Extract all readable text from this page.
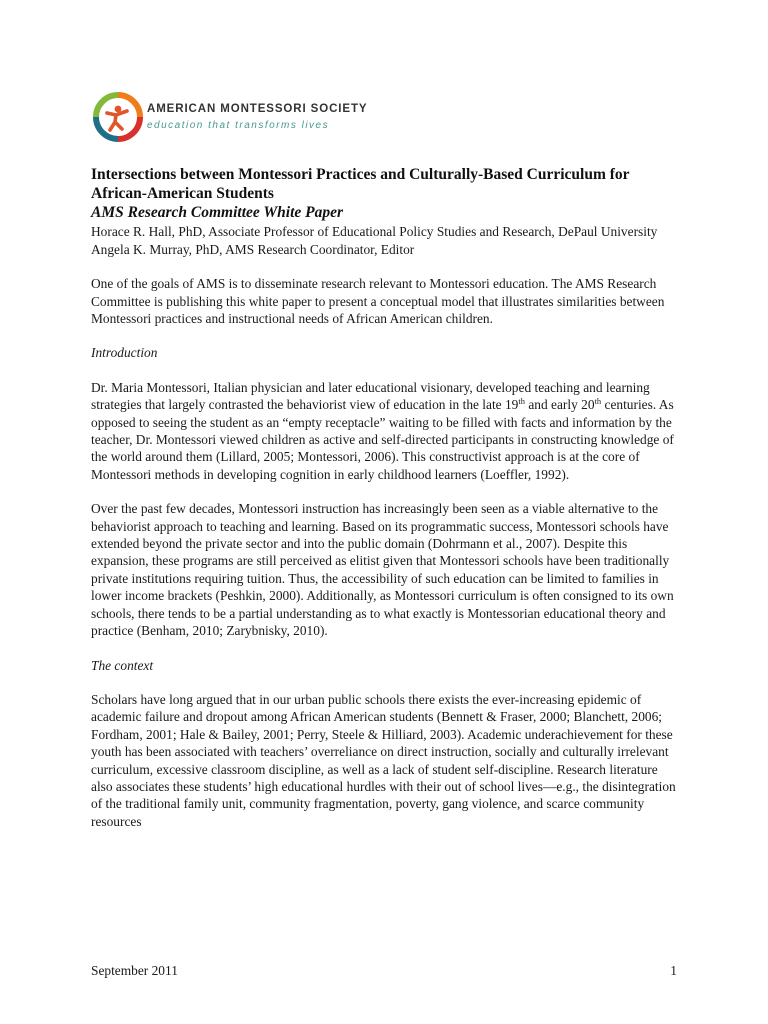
AMERICAN MONTESSORI SOCIETY
education that transforms lives
Intersections between Montessori Practices and Culturally-Based Curriculum for African-American Students
AMS Research Committee White Paper
Horace R. Hall, PhD, Associate Professor of Educational Policy Studies and Research, DePaul University
Angela K. Murray, PhD, AMS Research Coordinator, Editor

One of the goals of AMS is to disseminate research relevant to Montessori education. The AMS Research Committee is publishing this white paper to present a conceptual model that illustrates similarities between Montessori practices and instructional needs of African American children.

Introduction

Dr. Maria Montessori, Italian physician and later educational visionary, developed teaching and learning strategies that largely contrasted the behaviorist view of education in the late 19th and early 20th centuries. As opposed to seeing the student as an “empty receptacle” waiting to be filled with facts and information by the teacher, Dr. Montessori viewed children as active and self-directed participants in constructing knowledge of the world around them (Lillard, 2005; Montessori, 2006). This constructivist approach is at the core of Montessori methods in developing cognition in early childhood learners (Loeffler, 1992).

Over the past few decades, Montessori instruction has increasingly been seen as a viable alternative to the behaviorist approach to teaching and learning. Based on its programmatic success, Montessori schools have extended beyond the private sector and into the public domain (Dohrmann et al., 2007). Despite this expansion, these programs are still perceived as elitist given that Montessori schools have been traditionally private institutions requiring tuition. Thus, the accessibility of such education can be limited to families in lower income brackets (Peshkin, 2000). Additionally, as Montessori curriculum is often consigned to its own schools, there tends to be a partial understanding as to what exactly is Montessorian educational theory and practice (Benham, 2010; Zarybnisky, 2010).

The context

Scholars have long argued that in our urban public schools there exists the ever-increasing epidemic of academic failure and dropout among African American students (Bennett & Fraser, 2000; Blanchett, 2006; Fordham, 2001; Hale & Bailey, 2001; Perry, Steele & Hilliard, 2003). Academic underachievement for these youth has been associated with teachers’ overreliance on direct instruction, socially and culturally irrelevant curriculum, excessive classroom discipline, as well as a lack of student self-discipline. Research literature also associates these students’ high educational hurdles with their out of school lives—e.g., the disintegration of the traditional family unit, community fragmentation, poverty, gang violence, and scarce community resources

September 2011	1
